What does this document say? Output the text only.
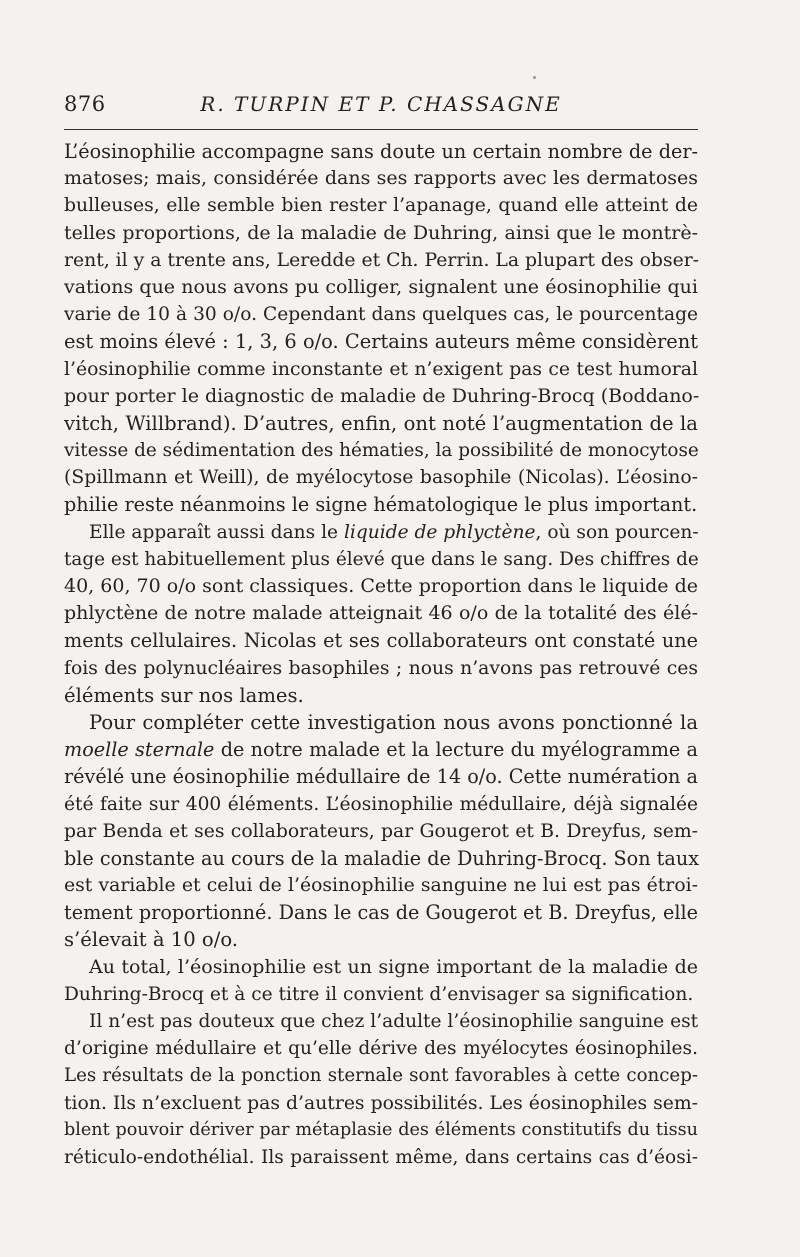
876	R. TURPIN ET P. CHASSAGNE
L’éosinophilie accompagne sans doute un certain nombre de der-
matoses; mais, considérée dans ses rapports avec les dermatoses
bulleuses, elle semble bien rester l’apanage, quand elle atteint de
telles proportions, de la maladie de Duhring, ainsi que le montrè-
rent, il y a trente ans, Leredde et Ch. Perrin. La plupart des obser-
vations que nous avons pu colliger, signalent une éosinophilie qui
varie de 10 à 30 o/o. Cependant dans quelques cas, le pourcentage
est moins élevé : 1, 3, 6 o/o. Certains auteurs même considèrent
l’éosinophilie comme inconstante et n’exigent pas ce test humoral
pour porter le diagnostic de maladie de Duhring-Brocq (Boddano-
vitch, Willbrand). D’autres, enfin, ont noté l’augmentation de la
vitesse de sédimentation des hématies, la possibilité de monocytose
(Spillmann et Weill), de myélocytose basophile (Nicolas). L’éosino-
philie reste néanmoins le signe hématologique le plus important.
Elle apparaît aussi dans le liquide de phlyctène, où son pourcen-
tage est habituellement plus élevé que dans le sang. Des chiffres de
40, 60, 70 o/o sont classiques. Cette proportion dans le liquide de
phlyctène de notre malade atteignait 46 o/o de la totalité des élé-
ments cellulaires. Nicolas et ses collaborateurs ont constaté une
fois des polynucléaires basophiles ; nous n’avons pas retrouvé ces
éléments sur nos lames.
Pour compléter cette investigation nous avons ponctionné la
moelle sternale de notre malade et la lecture du myélogramme a
révélé une éosinophilie médullaire de 14 o/o. Cette numération a
été faite sur 400 éléments. L’éosinophilie médullaire, déjà signalée
par Benda et ses collaborateurs, par Gougerot et B. Dreyfus, sem-
ble constante au cours de la maladie de Duhring-Brocq. Son taux
est variable et celui de l’éosinophilie sanguine ne lui est pas étroi-
tement proportionné. Dans le cas de Gougerot et B. Dreyfus, elle
s’élevait à 10 o/o.
Au total, l’éosinophilie est un signe important de la maladie de
Duhring-Brocq et à ce titre il convient d’envisager sa signification.
Il n’est pas douteux que chez l’adulte l’éosinophilie sanguine est
d’origine médullaire et qu’elle dérive des myélocytes éosinophiles.
Les résultats de la ponction sternale sont favorables à cette concep-
tion. Ils n’excluent pas d’autres possibilités. Les éosinophiles sem-
blent pouvoir dériver par métaplasie des éléments constitutifs du tissu
réticulo-endothélial. Ils paraissent même, dans certains cas d’éosi-
